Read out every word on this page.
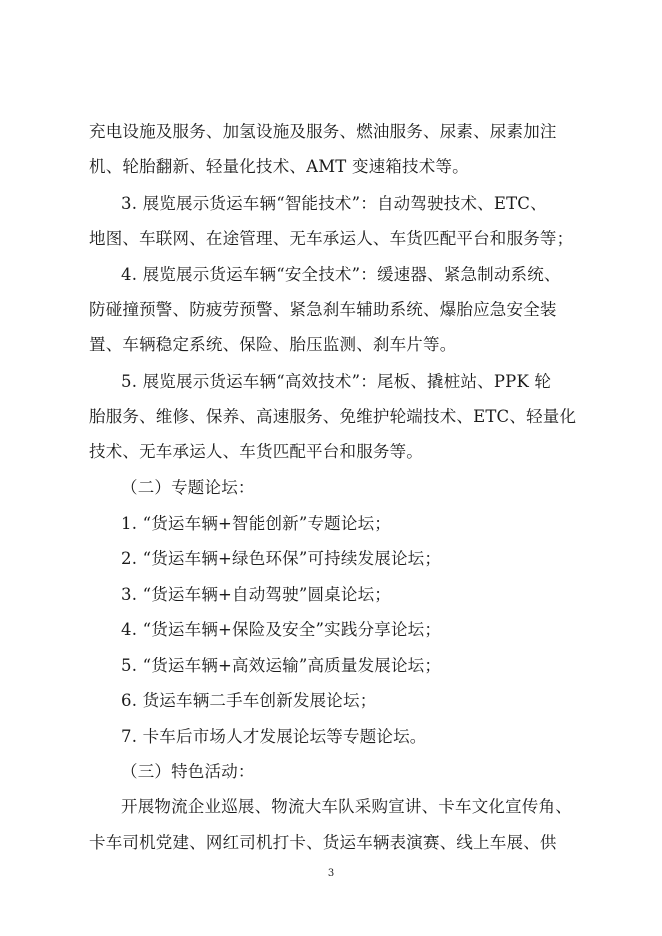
充电设施及服务、加氢设施及服务、燃油服务、尿素、尿素加注
机、轮胎翻新、轻量化技术、AMT 变速箱技术等。
3. 展览展示货运车辆“智能技术”：自动驾驶技术、ETC、
地图、车联网、在途管理、无车承运人、车货匹配平台和服务等；
4. 展览展示货运车辆“安全技术”：缓速器、紧急制动系统、
防碰撞预警、防疲劳预警、紧急刹车辅助系统、爆胎应急安全装
置、车辆稳定系统、保险、胎压监测、刹车片等。
5. 展览展示货运车辆“高效技术”：尾板、撬桩站、PPK 轮
胎服务、维修、保养、高速服务、免维护轮端技术、ETC、轻量化
技术、无车承运人、车货匹配平台和服务等。
（二）专题论坛：
1. “货运车辆+智能创新”专题论坛；
2. “货运车辆+绿色环保”可持续发展论坛；
3. “货运车辆+自动驾驶”圆桌论坛；
4. “货运车辆+保险及安全”实践分享论坛；
5. “货运车辆+高效运输”高质量发展论坛；
6. 货运车辆二手车创新发展论坛；
7. 卡车后市场人才发展论坛等专题论坛。
（三）特色活动：
开展物流企业巡展、物流大车队采购宣讲、卡车文化宣传角、
卡车司机党建、网红司机打卡、货运车辆表演赛、线上车展、供
3
